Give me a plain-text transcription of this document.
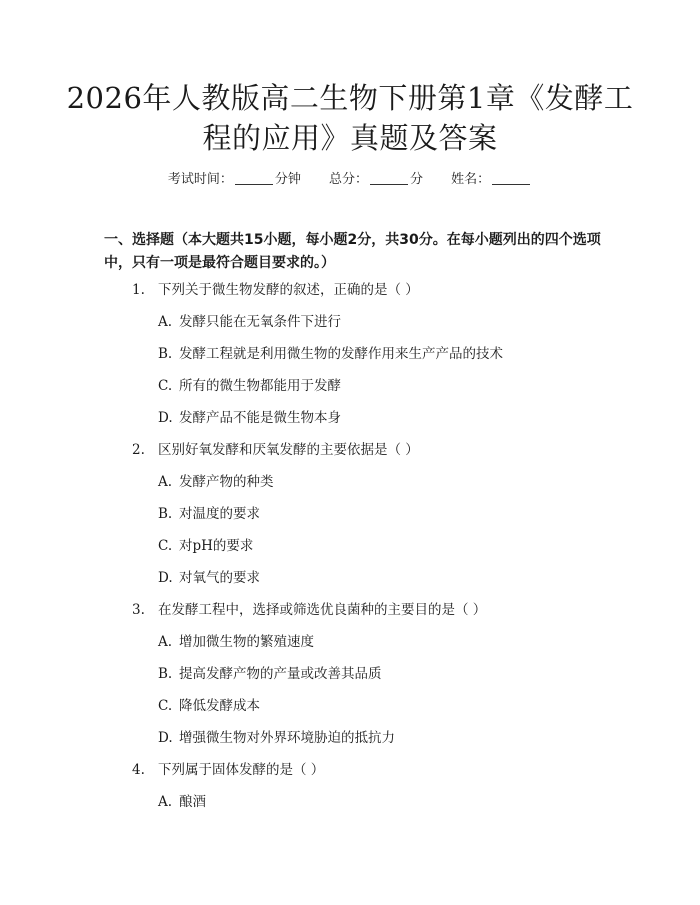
2026年人教版高二生物下册第1章《发酵工程的应用》真题及答案
考试时间：	分钟 总分：	分 姓名：
一、选择题（本大题共15小题，每小题2分，共30分。在每小题列出的四个选项中，只有一项是最符合题目要求的。）
1. 下列关于微生物发酵的叙述，正确的是（ ）
A. 发酵只能在无氧条件下进行
B. 发酵工程就是利用微生物的发酵作用来生产产品的技术
C. 所有的微生物都能用于发酵
D. 发酵产品不能是微生物本身
2. 区别好氧发酵和厌氧发酵的主要依据是（ ）
A. 发酵产物的种类
B. 对温度的要求
C. 对pH的要求
D. 对氧气的要求
3. 在发酵工程中，选择或筛选优良菌种的主要目的是（ ）
A. 增加微生物的繁殖速度
B. 提高发酵产物的产量或改善其品质
C. 降低发酵成本
D. 增强微生物对外界环境胁迫的抵抗力
4. 下列属于固体发酵的是（ ）
A. 酿酒
